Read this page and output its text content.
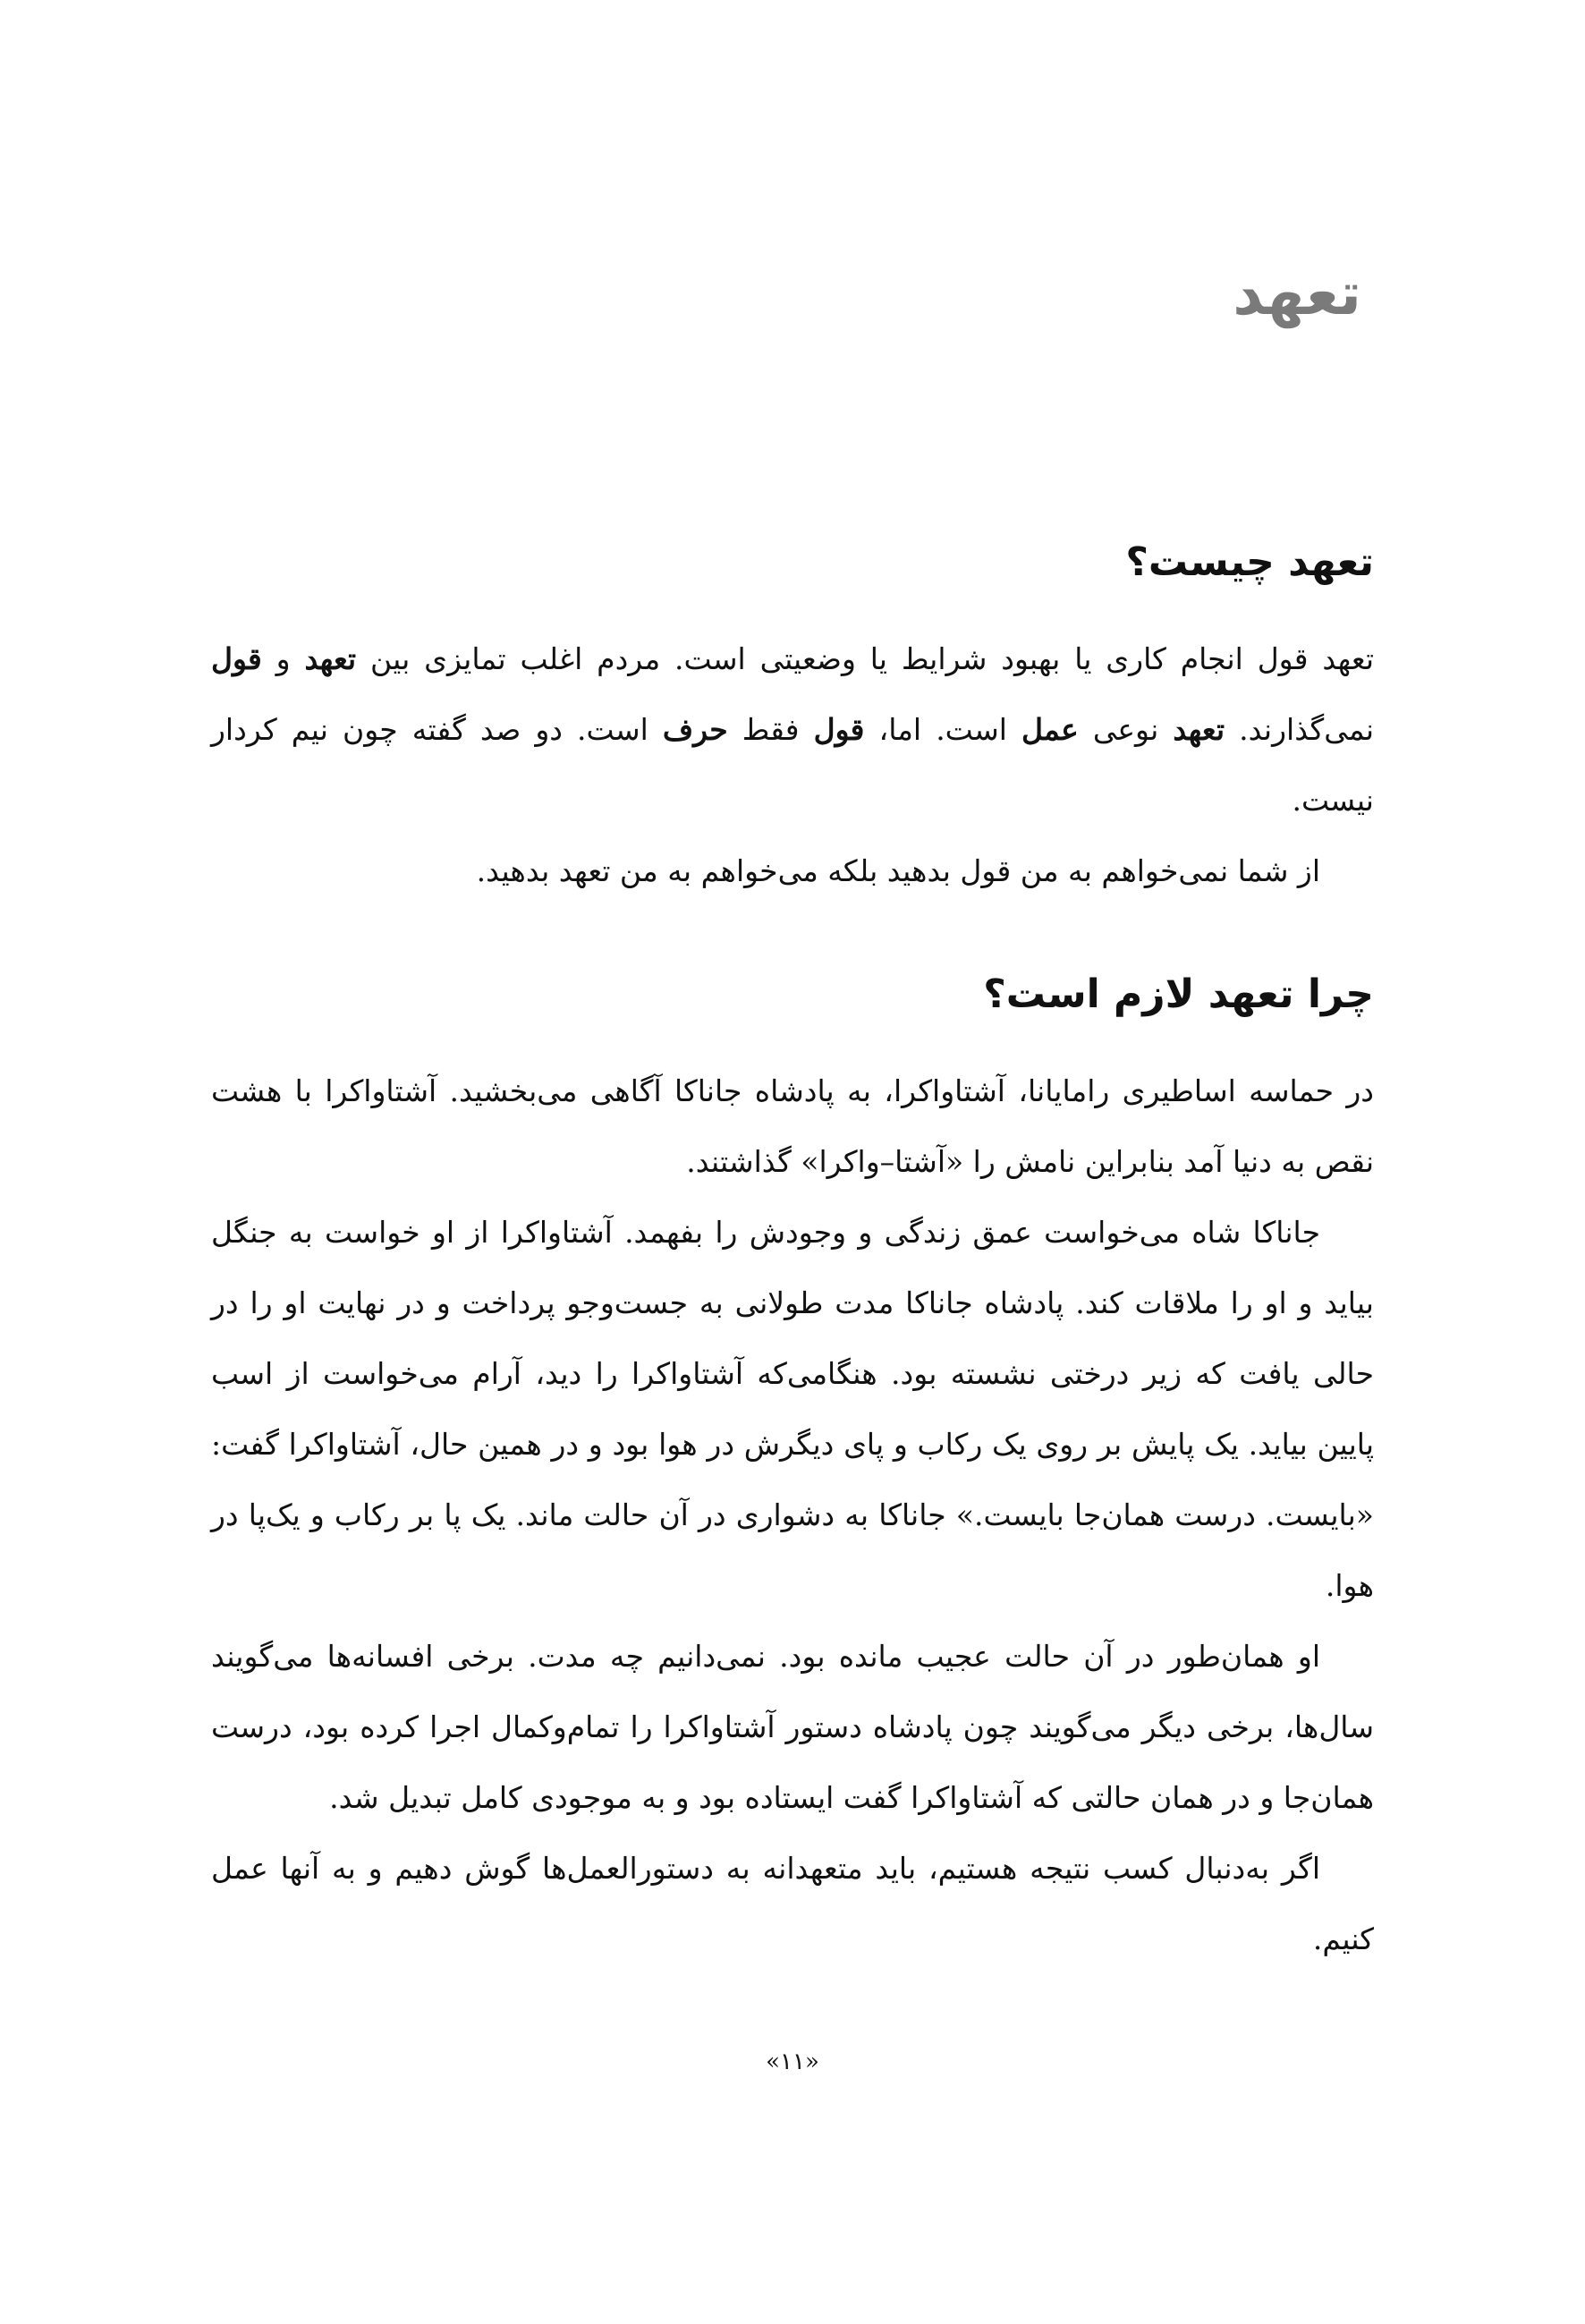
تعهد
تعهد چیست؟

تعهد قول انجام کاری یا بهبود شرایط یا وضعیتی است. مردم اغلب تمایزی بین تعهد و قول نمی‌گذارند. تعهد نوعی عمل است. اما، قول فقط حرف است. دو صد گفته چون نیم کردار نیست.

از شما نمی‌خواهم به من قول بدهید بلکه می‌خواهم به من تعهد بدهید.

چرا تعهد لازم است؟

در حماسه اساطیری رامایانا، آشتاواکرا، به پادشاه جاناکا آگاهی می‌بخشید. آشتاواکرا با هشت نقص به دنیا آمد بنابراین نامش را «آشتا–واکرا» گذاشتند.

جاناکا شاه می‌خواست عمق زندگی و وجودش را بفهمد. آشتاواکرا از او خواست به جنگل بیاید و او را ملاقات کند. پادشاه جاناکا مدت طولانی به جست‌وجو پرداخت و در نهایت او را در حالی یافت که زیر درختی نشسته بود. هنگامی‌که آشتاواکرا را دید، آرام می‌خواست از اسب پایین بیاید. یک پایش بر روی یک رکاب و پای دیگرش در هوا بود و در همین حال، آشتاواکرا گفت: «بایست. درست همان‌جا بایست.» جاناکا به دشواری در آن حالت ماند. یک پا بر رکاب و یک‌پا در هوا.

او همان‌طور در آن حالت عجیب مانده بود. نمی‌دانیم چه مدت. برخی افسانه‌ها می‌گویند سال‌ها، برخی دیگر می‌گویند چون پادشاه دستور آشتاواکرا را تمام‌وکمال اجرا کرده بود، درست همان‌جا و در همان حالتی که آشتاواکرا گفت ایستاده بود و به موجودی کامل تبدیل شد.

اگر به‌دنبال کسب نتیجه هستیم، باید متعهدانه به دستورالعمل‌ها گوش دهیم و به آنها عمل کنیم.

«۱۱»
